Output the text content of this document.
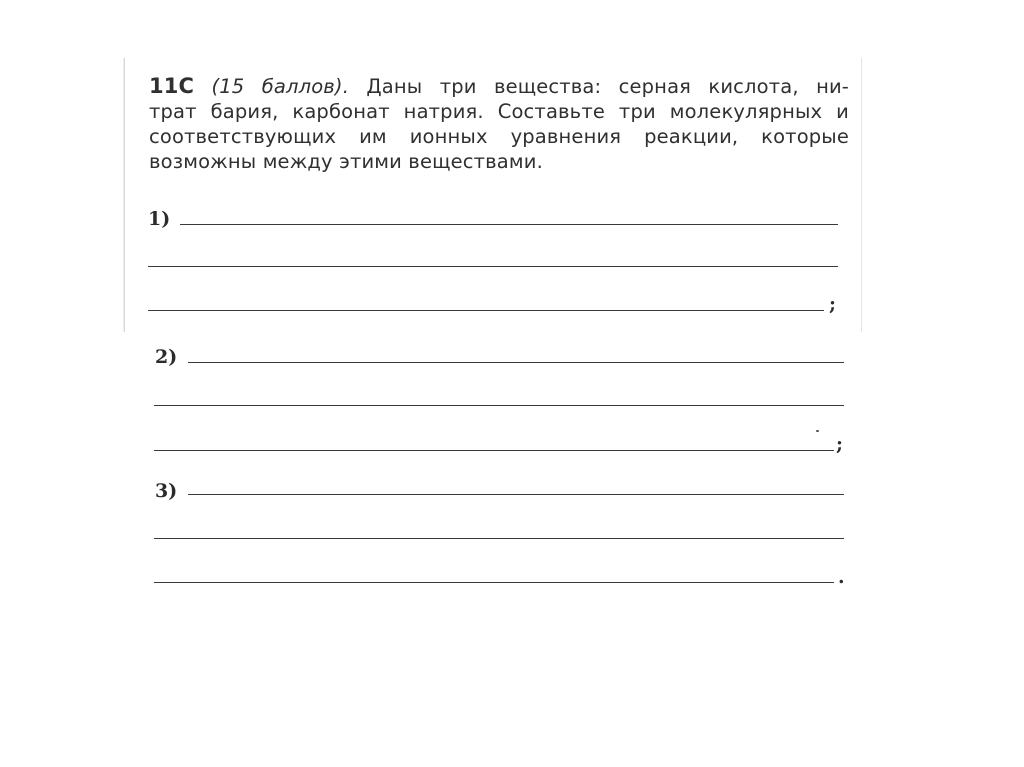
11С (15 баллов). Даны три вещества: серная кислота, ни-
трат бария, карбонат натрия. Составьте три молекулярных и
соответствующих им ионных уравнения реакции, которые
возможны между этими веществами.
1)
;
2)
;
3)
.
